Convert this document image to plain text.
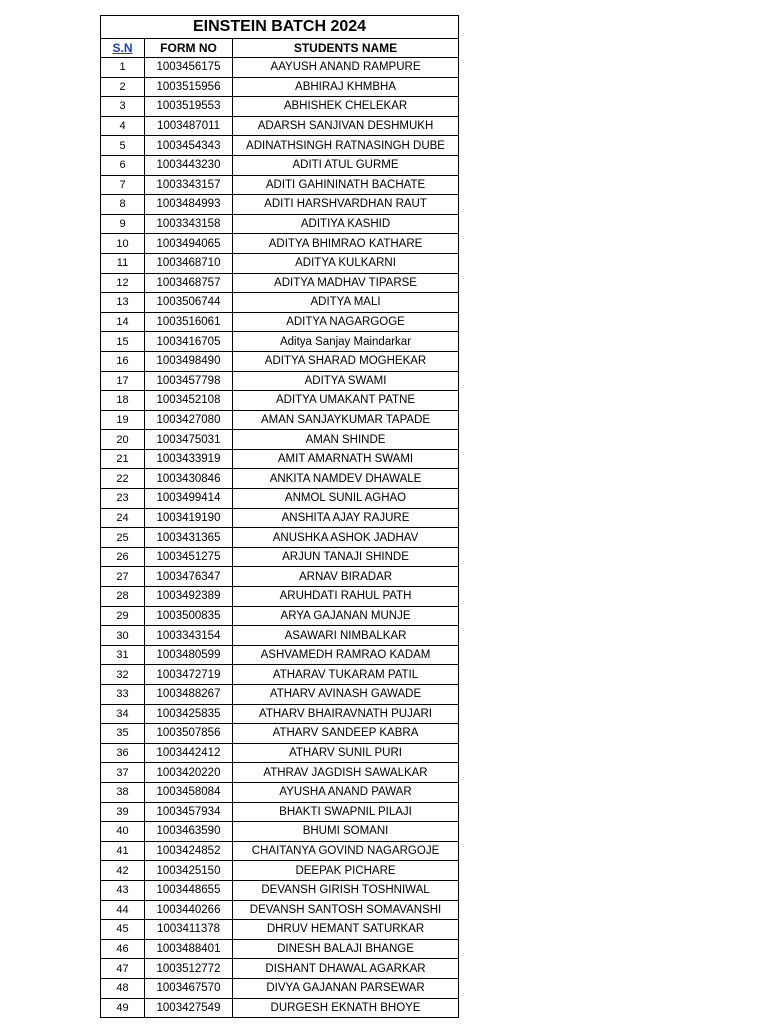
EINSTEIN BATCH 2024		
S.N	FORM NO	STUDENTS NAME
1	1003456175	AAYUSH ANAND RAMPURE
2	1003515956	ABHIRAJ KHMBHA
3	1003519553	ABHISHEK CHELEKAR
4	1003487011	ADARSH SANJIVAN DESHMUKH
5	1003454343	ADINATHSINGH RATNASINGH DUBE
6	1003443230	ADITI ATUL GURME
7	1003343157	ADITI GAHININATH BACHATE
8	1003484993	ADITI HARSHVARDHAN RAUT
9	1003343158	ADITIYA KASHID
10	1003494065	ADITYA BHIMRAO KATHARE
11	1003468710	ADITYA KULKARNI
12	1003468757	ADITYA MADHAV TIPARSE
13	1003506744	ADITYA MALI
14	1003516061	ADITYA NAGARGOGE
15	1003416705	Aditya Sanjay Maindarkar
16	1003498490	ADITYA SHARAD MOGHEKAR
17	1003457798	ADITYA SWAMI
18	1003452108	ADITYA UMAKANT PATNE
19	1003427080	AMAN SANJAYKUMAR TAPADE
20	1003475031	AMAN SHINDE
21	1003433919	AMIT AMARNATH SWAMI
22	1003430846	ANKITA NAMDEV DHAWALE
23	1003499414	ANMOL SUNIL AGHAO
24	1003419190	ANSHITA AJAY RAJURE
25	1003431365	ANUSHKA ASHOK JADHAV
26	1003451275	ARJUN TANAJI SHINDE
27	1003476347	ARNAV BIRADAR
28	1003492389	ARUHDATI RAHUL PATH
29	1003500835	ARYA GAJANAN MUNJE
30	1003343154	ASAWARI NIMBALKAR
31	1003480599	ASHVAMEDH RAMRAO KADAM
32	1003472719	ATHARAV TUKARAM PATIL
33	1003488267	ATHARV AVINASH GAWADE
34	1003425835	ATHARV BHAIRAVNATH PUJARI
35	1003507856	ATHARV SANDEEP KABRA
36	1003442412	ATHARV SUNIL PURI
37	1003420220	ATHRAV JAGDISH SAWALKAR
38	1003458084	AYUSHA ANAND PAWAR
39	1003457934	BHAKTI SWAPNIL PILAJI
40	1003463590	BHUMI SOMANI
41	1003424852	CHAITANYA GOVIND NAGARGOJE
42	1003425150	DEEPAK PICHARE
43	1003448655	DEVANSH GIRISH TOSHNIWAL
44	1003440266	DEVANSH SANTOSH SOMAVANSHI
45	1003411378	DHRUV HEMANT SATURKAR
46	1003488401	DINESH BALAJI BHANGE
47	1003512772	DISHANT DHAWAL AGARKAR
48	1003467570	DIVYA GAJANAN PARSEWAR
49	1003427549	DURGESH EKNATH BHOYE
